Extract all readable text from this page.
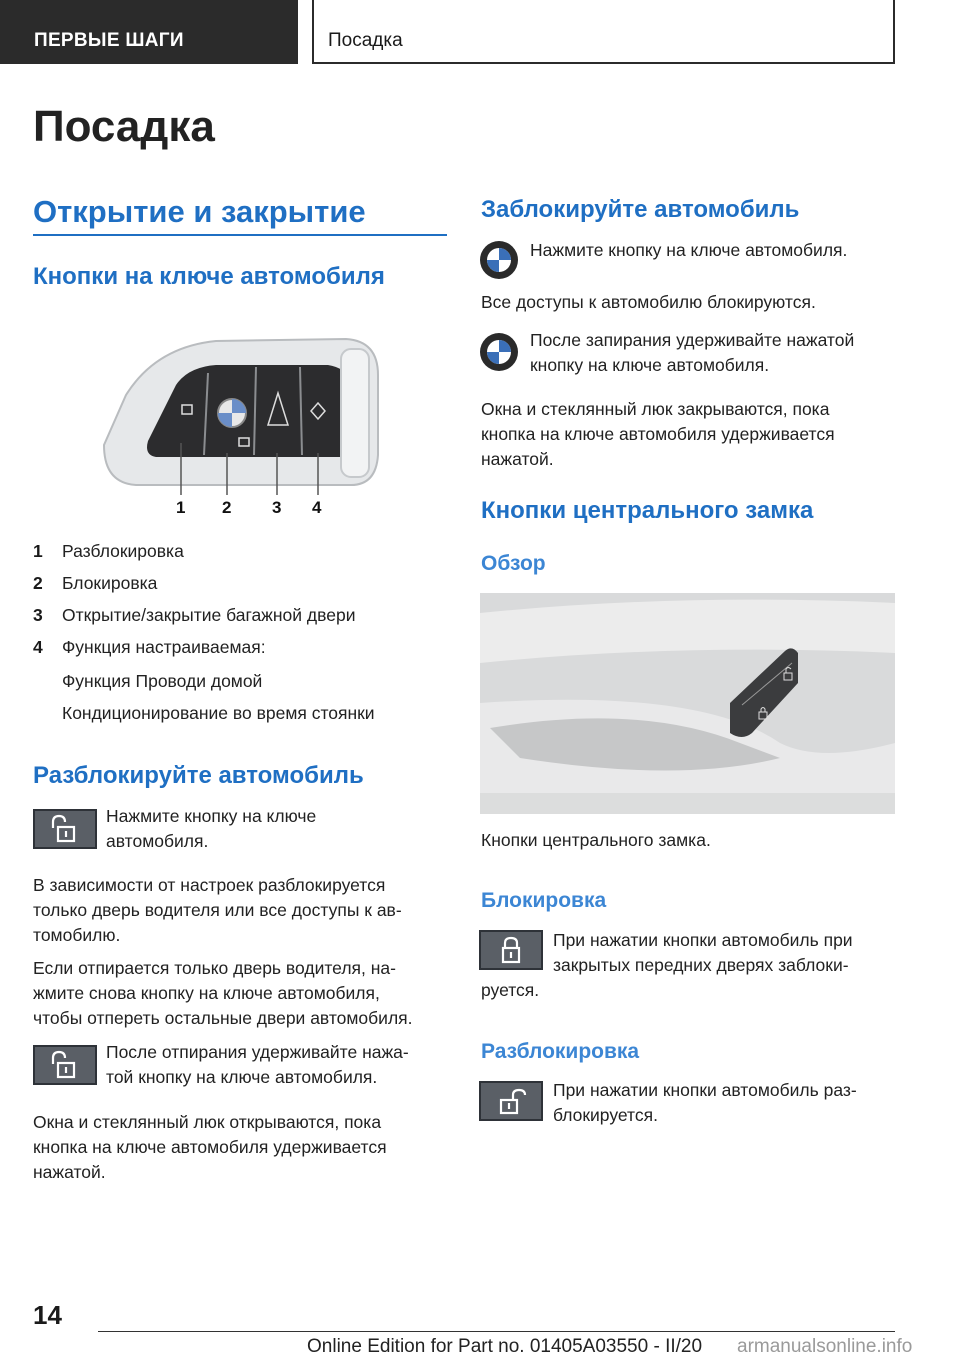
ПЕРВЫЕ ШАГИ	Посадка
Посадка
Открытие и закрытие
Кнопки на ключе автомобиля
1 2 3 4
1 Разблокировка
2 Блокировка
3 Открытие/закрытие багажной двери
4 Функция настраиваемая:
Функция Проводи домой
Кондиционирование во время стоянки
Разблокируйте автомобиль
Нажмите кнопку на ключе
автомобиля.
В зависимости от настроек разблокируется
только дверь водителя или все доступы к ав-
томобилю.
Если отпирается только дверь водителя, на-
жмите снова кнопку на ключе автомобиля,
чтобы отпереть остальные двери автомобиля.
После отпирания удерживайте нажа-
той кнопку на ключе автомобиля.
Окна и стеклянный люк открываются, пока
кнопка на ключе автомобиля удерживается
нажатой.
Заблокируйте автомобиль
Нажмите кнопку на ключе автомобиля.
Все доступы к автомобилю блокируются.
После запирания удерживайте нажатой
кнопку на ключе автомобиля.
Окна и стеклянный люк закрываются, пока
кнопка на ключе автомобиля удерживается
нажатой.
Кнопки центрального замка
Обзор
Кнопки центрального замка.
Блокировка
При нажатии кнопки автомобиль при
закрытых передних дверях заблоки-
руется.
Разблокировка
При нажатии кнопки автомобиль раз-
блокируется.
14
Online Edition for Part no. 01405A03550 - II/20 armanualsonline.info
